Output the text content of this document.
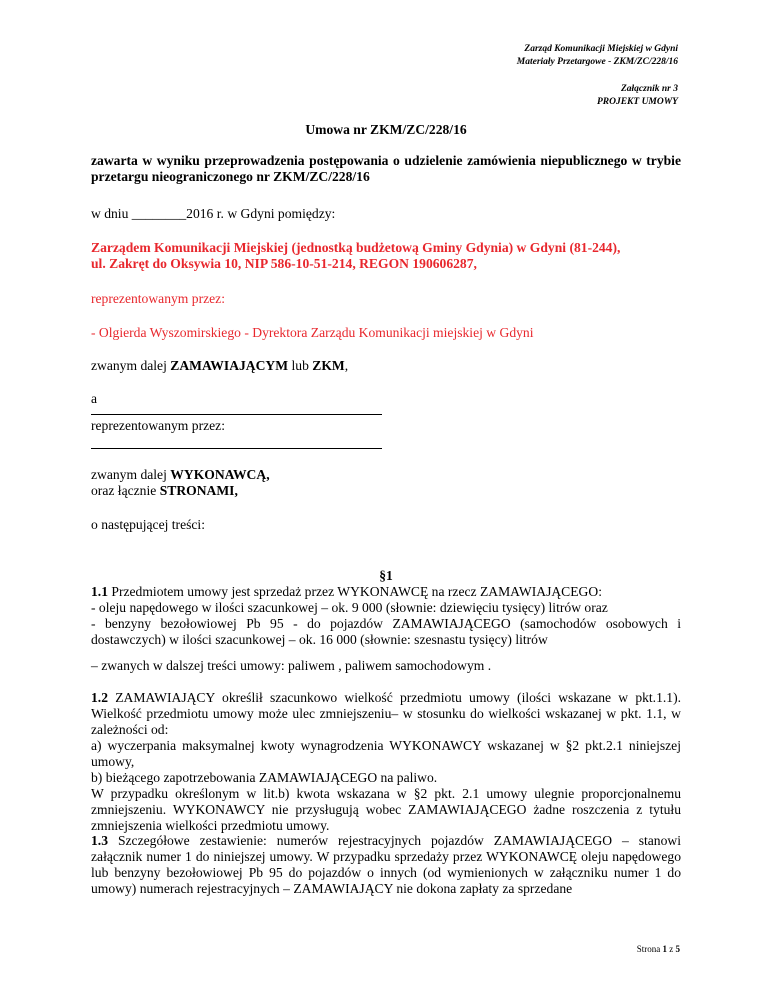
Zarząd Komunikacji Miejskiej w Gdyni
Materiały Przetargowe - ZKM/ZC/228/16
Załącznik nr 3
PROJEKT UMOWY
Umowa nr ZKM/ZC/228/16
zawarta w wyniku przeprowadzenia postępowania o udzielenie zamówienia niepublicznego w trybie przetargu nieograniczonego nr ZKM/ZC/228/16
w dniu ________2016 r. w Gdyni pomiędzy:
Zarządem Komunikacji Miejskiej (jednostką budżetową Gminy Gdynia) w Gdyni (81-244),
ul. Zakręt do Oksywia 10, NIP 586-10-51-214, REGON 190606287,
reprezentowanym przez:
- Olgierda Wyszomirskiego - Dyrektora Zarządu Komunikacji miejskiej w Gdyni
zwanym dalej ZAMAWIAJĄCYM lub ZKM,
a
reprezentowanym przez:
zwanym dalej WYKONAWCĄ,
oraz łącznie STRONAMI,
o następującej treści:
§1
1.1 Przedmiotem umowy jest sprzedaż przez WYKONAWCĘ na rzecz ZAMAWIAJĄCEGO:
- oleju napędowego w ilości szacunkowej – ok. 9 000 (słownie: dziewięciu tysięcy) litrów oraz
- benzyny bezołowiowej Pb 95 - do pojazdów ZAMAWIAJĄCEGO (samochodów osobowych i dostawczych) w ilości szacunkowej – ok. 16 000 (słownie: szesnastu tysięcy) litrów
– zwanych w dalszej treści umowy: paliwem , paliwem samochodowym .
1.2 ZAMAWIAJĄCY określił szacunkowo wielkość przedmiotu umowy (ilości wskazane w pkt.1.1). Wielkość przedmiotu umowy może ulec zmniejszeniu– w stosunku do wielkości wskazanej w pkt. 1.1, w zależności od:
a) wyczerpania maksymalnej kwoty wynagrodzenia WYKONAWCY wskazanej w §2 pkt.2.1 niniejszej umowy,
b) bieżącego zapotrzebowania ZAMAWIAJĄCEGO na paliwo.
W przypadku określonym w lit.b) kwota wskazana w §2 pkt. 2.1 umowy ulegnie proporcjonalnemu zmniejszeniu. WYKONAWCY nie przysługują wobec ZAMAWIAJĄCEGO żadne roszczenia z tytułu zmniejszenia wielkości przedmiotu umowy.
1.3 Szczegółowe zestawienie: numerów rejestracyjnych pojazdów ZAMAWIAJĄCEGO – stanowi załącznik numer 1 do niniejszej umowy. W przypadku sprzedaży przez WYKONAWCĘ oleju napędowego lub benzyny bezołowiowej Pb 95 do pojazdów o innych (od wymienionych w załączniku numer 1 do umowy) numerach rejestracyjnych – ZAMAWIAJĄCY nie dokona zapłaty za sprzedane
Strona 1 z 5
